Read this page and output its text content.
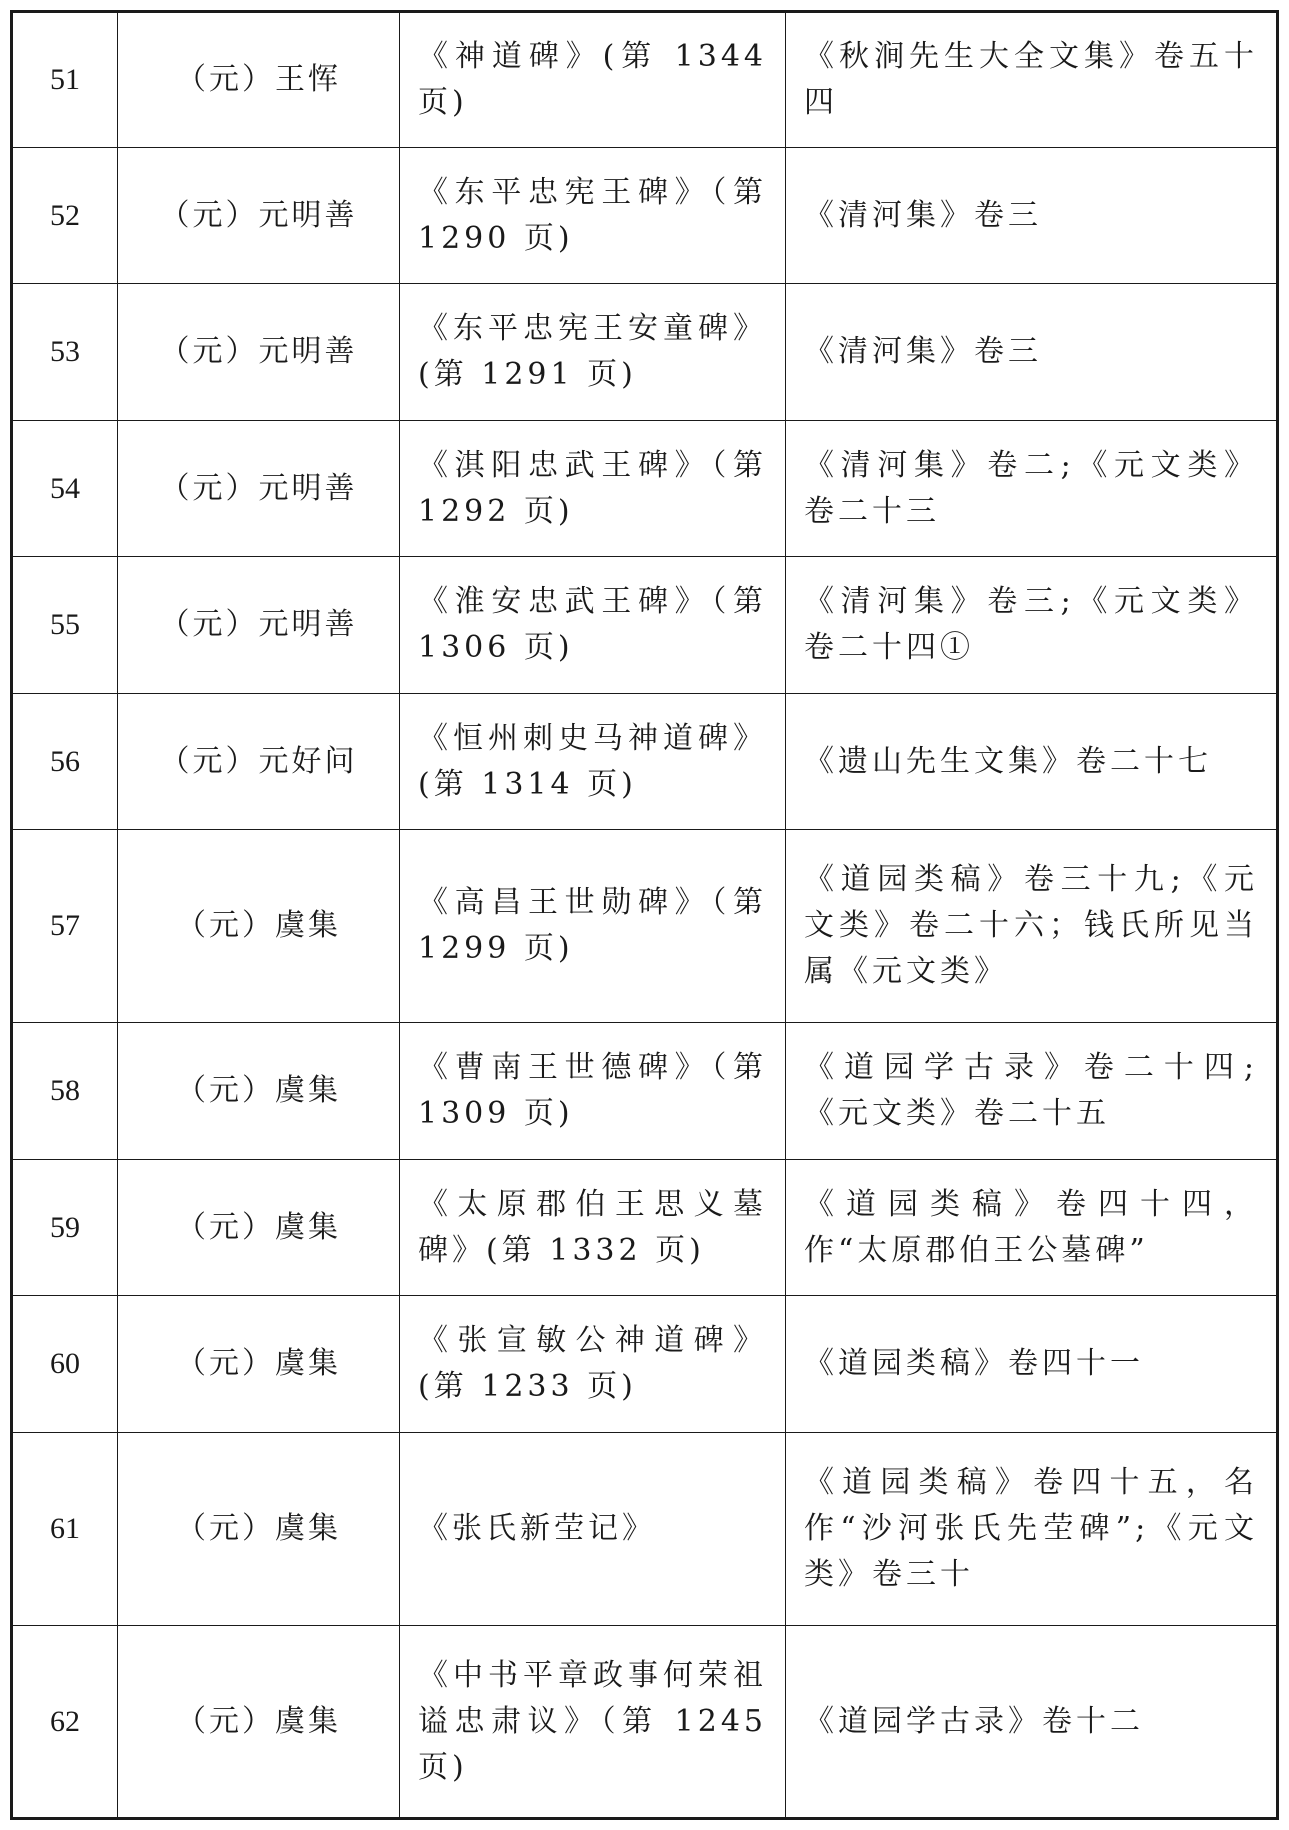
51	（元）王恽	《神道碑》(第 1344 页)	《秋涧先生大全文集》卷五十四
52	（元）元明善	《东平忠宪王碑》（第 1290 页)	《清河集》卷三
53	（元）元明善	《东平忠宪王安童碑》(第 1291 页)	《清河集》卷三
54	（元）元明善	《淇阳忠武王碑》（第 1292 页)	《清河集》卷二;《元文类》卷二十三
55	（元）元明善	《淮安忠武王碑》（第 1306 页)	《清河集》卷三;《元文类》卷二十四①
56	（元）元好问	《恒州刺史马神道碑》(第 1314 页)	《遗山先生文集》卷二十七
57	（元）虞集	《高昌王世勋碑》（第 1299 页)	《道园类稿》卷三十九;《元文类》卷二十六；钱氏所见当属《元文类》
58	（元）虞集	《曹南王世德碑》（第 1309 页)	《道园学古录》卷二十四;《元文类》卷二十五
59	（元）虞集	《太原郡伯王思义墓碑》(第 1332 页)	《道园类稿》卷四十四，作“太原郡伯王公墓碑”
60	（元）虞集	《张宣敏公神道碑》(第 1233 页)	《道园类稿》卷四十一
61	（元）虞集	《张氏新茔记》	《道园类稿》卷四十五，名作“沙河张氏先茔碑”;《元文类》卷三十
62	（元）虞集	《中书平章政事何荣祖谥忠肃议》（第 1245 页)	《道园学古录》卷十二
